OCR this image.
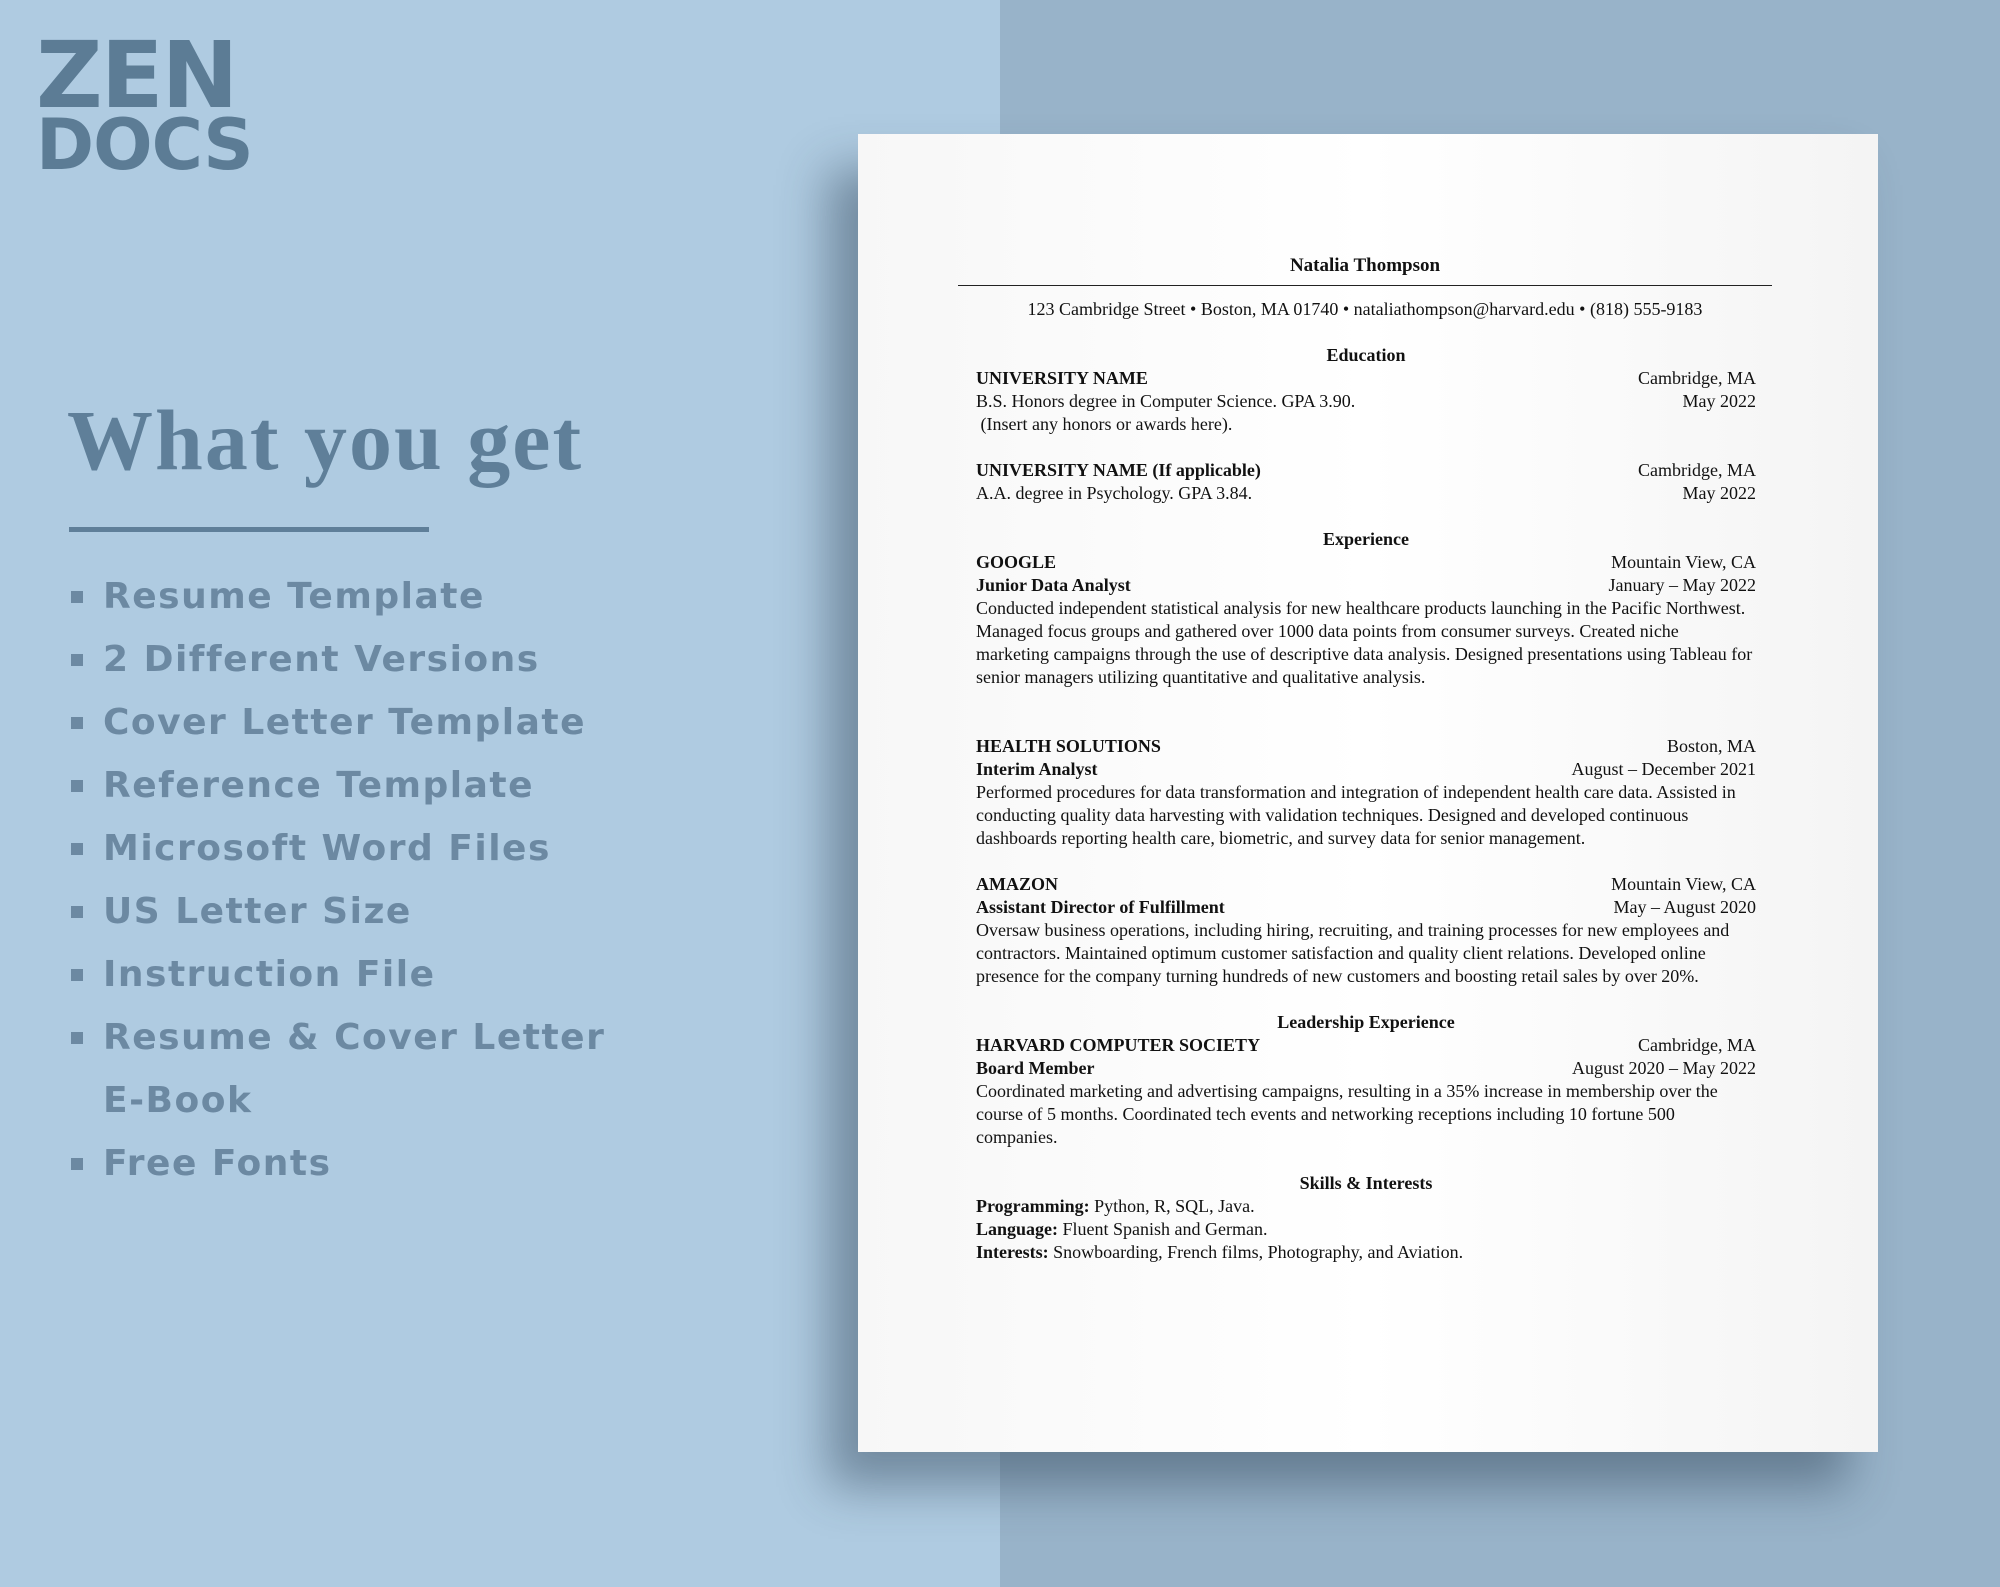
ZEN
DOCS
What you get
Resume Template
2 Different Versions
Cover Letter Template
Reference Template
Microsoft Word Files
US Letter Size
Instruction File
Resume & Cover Letter
E-Book
Free Fonts
Natalia Thompson
123 Cambridge Street • Boston, MA 01740 • nataliathompson@harvard.edu • (818) 555-9183
Education
UNIVERSITY NAME	Cambridge, MA
B.S. Honors degree in Computer Science. GPA 3.90.	May 2022
(Insert any honors or awards here).
UNIVERSITY NAME (If applicable)	Cambridge, MA
A.A. degree in Psychology. GPA 3.84.	May 2022
Experience
GOOGLE	Mountain View, CA
Junior Data Analyst	January – May 2022
Conducted independent statistical analysis for new healthcare products launching in the Pacific Northwest. Managed focus groups and gathered over 1000 data points from consumer surveys. Created niche marketing campaigns through the use of descriptive data analysis. Designed presentations using Tableau for senior managers utilizing quantitative and qualitative analysis.
HEALTH SOLUTIONS	Boston, MA
Interim Analyst	August – December 2021
Performed procedures for data transformation and integration of independent health care data. Assisted in conducting quality data harvesting with validation techniques. Designed and developed continuous dashboards reporting health care, biometric, and survey data for senior management.
AMAZON	Mountain View, CA
Assistant Director of Fulfillment	May – August 2020
Oversaw business operations, including hiring, recruiting, and training processes for new employees and contractors. Maintained optimum customer satisfaction and quality client relations. Developed online presence for the company turning hundreds of new customers and boosting retail sales by over 20%.
Leadership Experience
HARVARD COMPUTER SOCIETY	Cambridge, MA
Board Member	August 2020 – May 2022
Coordinated marketing and advertising campaigns, resulting in a 35% increase in membership over the course of 5 months. Coordinated tech events and networking receptions including 10 fortune 500 companies.
Skills & Interests
Programming: Python, R, SQL, Java.
Language: Fluent Spanish and German.
Interests: Snowboarding, French films, Photography, and Aviation.
